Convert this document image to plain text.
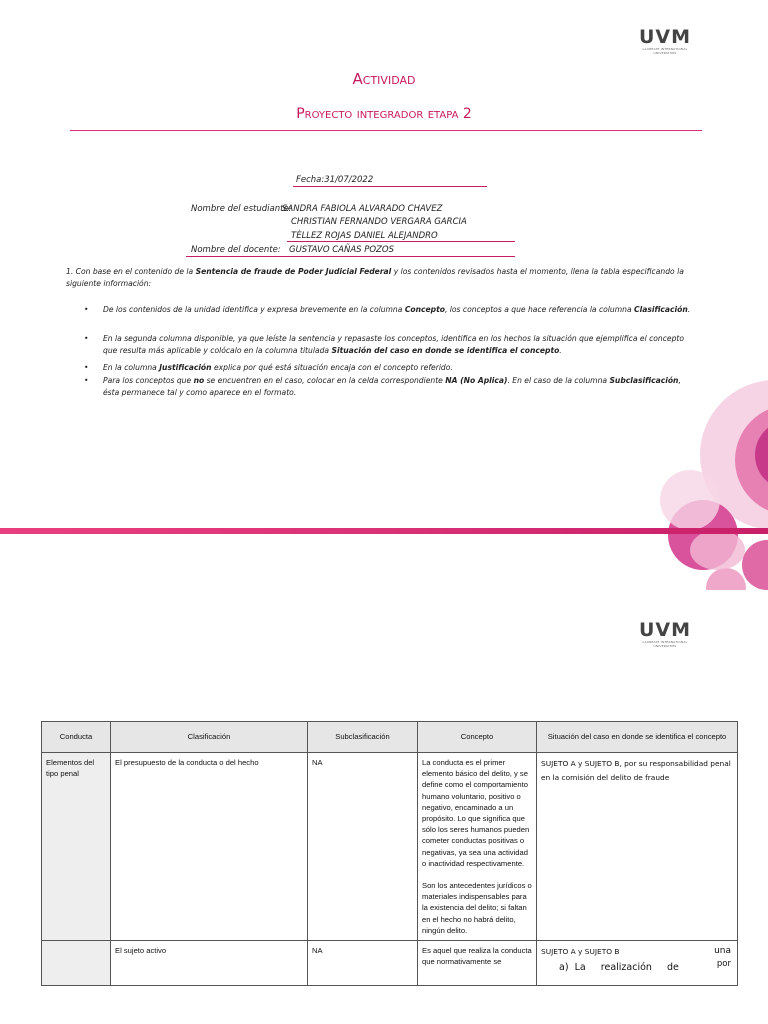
UVM
LAUREATE INTERNATIONAL UNIVERSITIES
Actividad
Proyecto integrador etapa 2
Fecha:31/07/2022
Nombre del estudiante:
SANDRA FABIOLA ALVARADO CHAVEZ
CHRISTIAN FERNANDO VERGARA GARCIA
TÈLLEZ ROJAS DANIEL ALEJANDRO
Nombre del docente: GUSTAVO CAÑAS POZOS
1. Con base en el contenido de la Sentencia de fraude de Poder Judicial Federal y los contenidos revisados hasta el momento, llena la tabla especificando la siguiente información:
• De los contenidos de la unidad identifica y expresa brevemente en la columna Concepto, los conceptos a que hace referencia la columna Clasificación.
• En la segunda columna disponible, ya que leíste la sentencia y repasaste los conceptos, identifica en los hechos la situación que ejemplifica el concepto que resulta más aplicable y colócalo en la columna titulada Situación del caso en donde se identifica el concepto.
• En la columna Justificación explica por qué está situación encaja con el concepto referido.
• Para los conceptos que no se encuentren en el caso, colocar en la celda correspondiente NA (No Aplica). En el caso de la columna Subclasificación, ésta permanece tal y como aparece en el formato.
UVM
LAUREATE INTERNATIONAL UNIVERSITIES
Conducta	Clasificación	Subclasificación	Concepto	Situación del caso en donde se identifica el concepto
Elementos del tipo penal	El presupuesto de la conducta o del hecho	NA	La conducta es el primer elemento básico del delito, y se define como el comportamiento humano voluntario, positivo o negativo, encaminado a un propósito. Lo que significa que sólo los seres humanos pueden cometer conductas positivas o negativas, ya sea una actividad o inactividad respectivamente.
Son los antecedentes jurídicos o materiales indispensables para la existencia del delito; si faltan en el hecho no habrá delito, ningún delito.	SUJETO A y SUJETO B, por su responsabilidad penal en la comisión del delito de fraude
	El sujeto activo	NA	Es aquel que realiza la conducta que normativamente se	SUJETO A y SUJETO B una
por
a)  La     realización     de
